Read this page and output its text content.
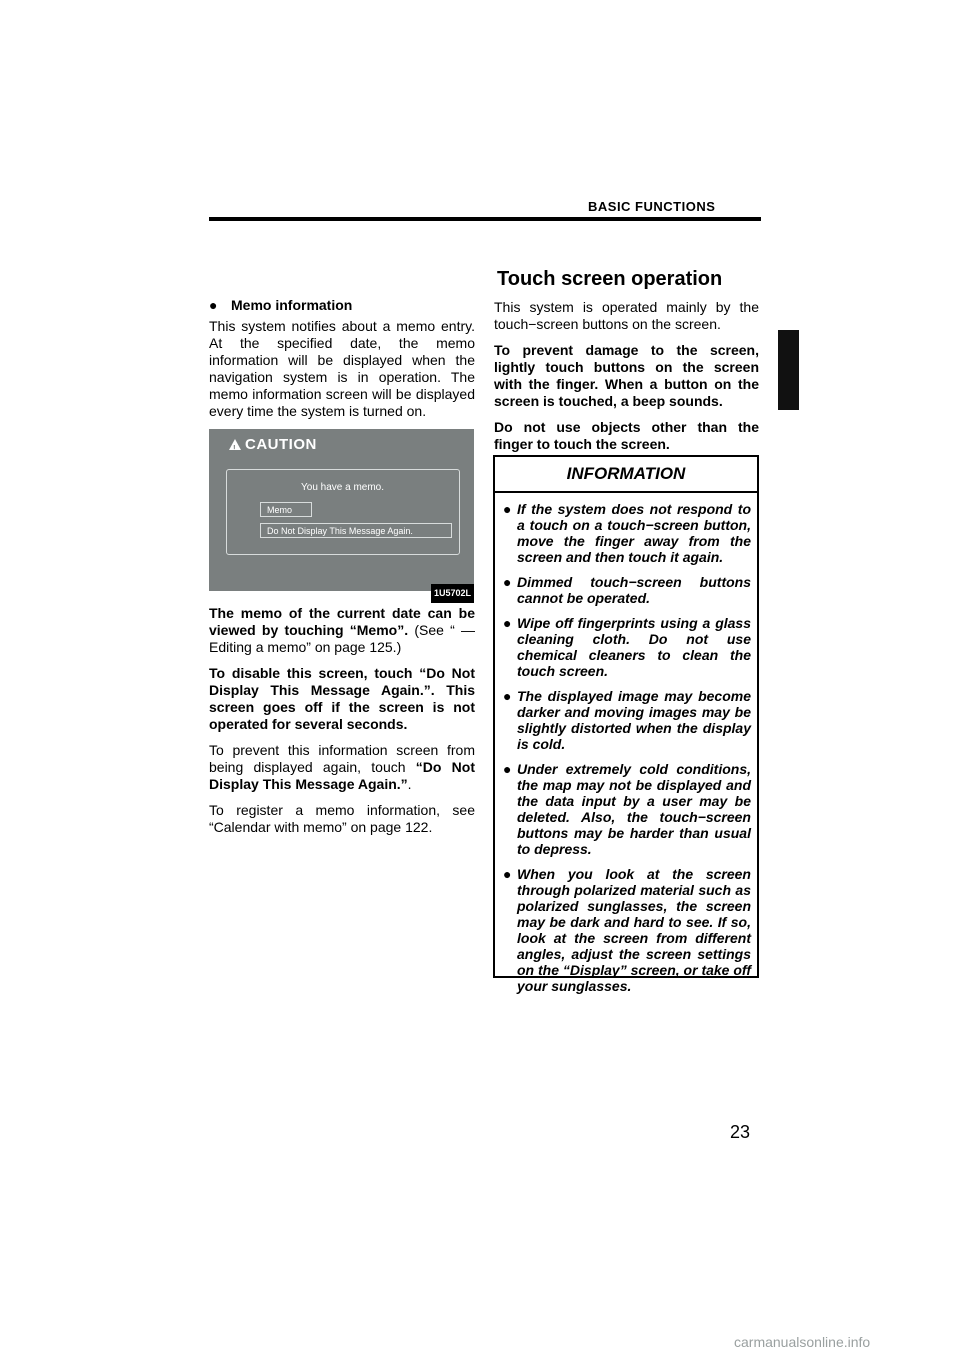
BASIC FUNCTIONS
Touch screen operation

● Memo information

This system notifies about a memo entry. At the specified date, the memo information will be displayed when the navigation system is in operation. The memo information screen will be displayed every time the system is turned on.

!CAUTION
You have a memo.
Memo
Do Not Display This Message Again.
1U5702L

The memo of the current date can be viewed by touching “Memo”. (See “ — Editing a memo” on page 125.)

To disable this screen, touch “Do Not Display This Message Again.”. This screen goes off if the screen is not operated for several seconds.

To prevent this information screen from being displayed again, touch “Do Not Display This Message Again.”.

To register a memo information, see “Calendar with memo” on page 122.

This system is operated mainly by the touch−screen buttons on the screen.

To prevent damage to the screen, lightly touch buttons on the screen with the finger. When a button on the screen is touched, a beep sounds.

Do not use objects other than the finger to touch the screen.

INFORMATION
● If the system does not respond to a touch on a touch−screen button, move the finger away from the screen and then touch it again.
● Dimmed touch−screen buttons cannot be operated.
● Wipe off fingerprints using a glass cleaning cloth. Do not use chemical cleaners to clean the touch screen.
● The displayed image may become darker and moving images may be slightly distorted when the display is cold.
● Under extremely cold conditions, the map may not be displayed and the data input by a user may be deleted. Also, the touch−screen buttons may be harder than usual to depress.
● When you look at the screen through polarized material such as polarized sunglasses, the screen may be dark and hard to see. If so, look at the screen from different angles, adjust the screen settings on the “Display” screen, or take off your sunglasses.
23
carmanualsonline.info
